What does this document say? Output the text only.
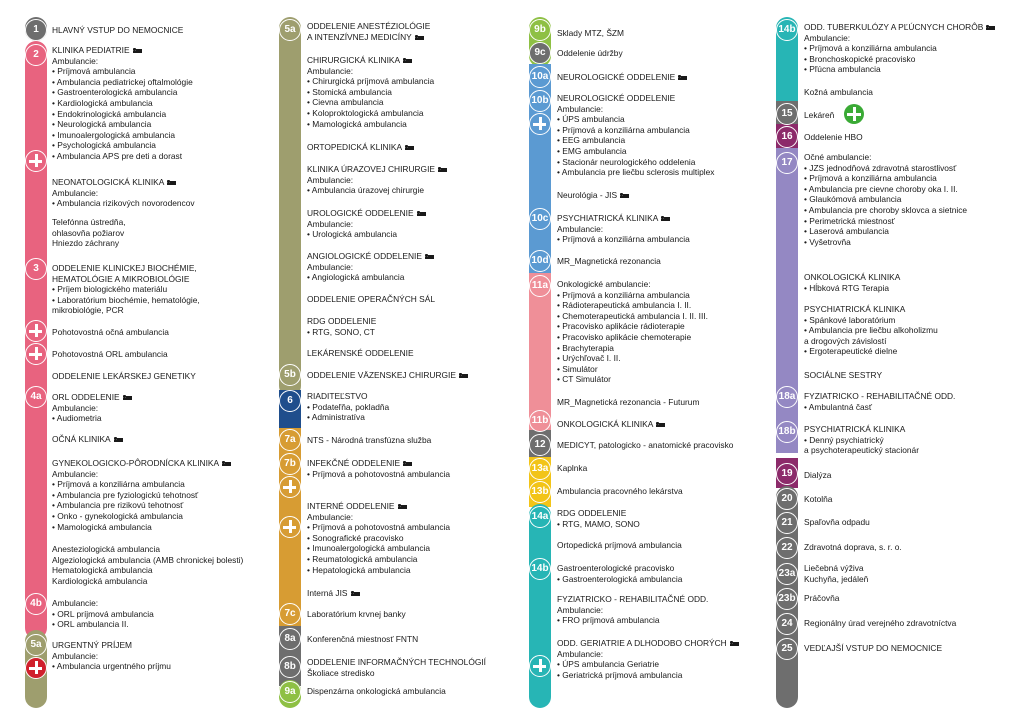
1
2
3
4a
4b
5a
HLAVNÝ VSTUP DO NEMOCNICE
KLINIKA PEDIATRIE
Ambulancie:
• Príjmová ambulancia
• Ambulancia pediatrickej oftalmológie
• Gastroenterologická ambulancia
• Kardiologická ambulancia
• Endokrinologická ambulancia
• Neurologická ambulancia
• Imunoalergologická ambulancia
• Psychologická ambulancia
• Ambulancia APS pre deti a dorast
NEONATOLOGICKÁ KLINIKA
Ambulancie:
• Ambulancia rizikových novorodencov
Telefónna ústredňa,
ohlasovňa požiarov
Hniezdo záchrany
ODDELENIE KLINICKEJ BIOCHÉMIE,
HEMATOLÓGIE A MIKROBIOLÓGIE
• Príjem biologického materiálu
• Laboratórium biochémie, hematológie,
mikrobiológie, PCR
Pohotovostná očná ambulancia
Pohotovostná ORL ambulancia
ODDELENIE LEKÁRSKEJ GENETIKY
ORL ODDELENIE
Ambulancie:
• Audiometria
OČNÁ KLINIKA
GYNEKOLOGICKO-PÔRODNÍCKA KLINIKA
Ambulancie:
• Príjmová a konziliárna ambulancia
• Ambulancia pre fyziologickú tehotnosť
• Ambulancia pre rizikovú tehotnosť
• Onko - gynekologická ambulancia
• Mamologická ambulancia
Anesteziologická ambulancia
Algeziologická ambulancia (AMB chronickej bolesti)
Hematologická ambulancia
Kardiologická ambulancia
Ambulancie:
• ORL príjmová ambulancia
• ORL ambulancia II.
URGENTNÝ PRÍJEM
Ambulancie:
• Ambulancia urgentného príjmu
5a
5b
6
7a
7b
7c
8a
8b
9a
ODDELENIE ANESTÉZIOLÓGIE
A INTENZÍVNEJ MEDICÍNY
CHIRURGICKÁ KLINIKA
Ambulancie:
• Chirurgická príjmová ambulancia
• Stomická ambulancia
• Cievna ambulancia
• Koloproktologická ambulancia
• Mamologická ambulancia
ORTOPEDICKÁ KLINIKA
KLINIKA ÚRAZOVEJ CHIRURGIE
Ambulancie:
• Ambulancia úrazovej chirurgie
UROLOGICKÉ ODDELENIE
Ambulancie:
• Urologická ambulancia
ANGIOLOGICKÉ ODDELENIE
Ambulancie:
• Angiologická ambulancia
ODDELENIE OPERAČNÝCH SÁL
RDG ODDELENIE
• RTG, SONO, CT
LEKÁRENSKÉ ODDELENIE
ODDELENIE VÄZENSKEJ CHIRURGIE
RIADITEĽSTVO
• Podateľňa, pokladňa
• Administratíva
NTS - Národná transfúzna služba
INFEKČNÉ ODDELENIE
• Príjmová a pohotovostná ambulancia
INTERNÉ ODDELENIE
Ambulancie:
• Príjmová a pohotovostná ambulancia
• Sonografické pracovisko
• Imunoalergologická ambulancia
• Reumatologická ambulancia
• Hepatologická ambulancia
Interná JIS
Laboratórium krvnej banky
Konferenčná miestnosť FNTN
ODDELENIE INFORMAČNÝCH TECHNOLÓGIÍ
Školiace stredisko
Dispenzárna onkologická ambulancia
9b
9c
10a
10b
10c
10d
11a
11b
12
13a
13b
14a
14b
Sklady MTZ, ŠZM
Oddelenie údržby
NEUROLOGICKÉ ODDELENIE
NEUROLOGICKÉ ODDELENIE
Ambulancie:
• ÚPS ambulancia
• Príjmová a konziliárna ambulancia
• EEG ambulancia
• EMG ambulancia
• Stacionár neurologického oddelenia
• Ambulancia pre liečbu sclerosis multiplex
Neurológia - JIS
PSYCHIATRICKÁ KLINIKA
Ambulancie:
• Príjmová a konziliárna ambulancia
MR_Magnetická rezonancia
Onkologické ambulancie:
• Príjmová a konziliárna ambulancia
• Rádioterapeutická ambulancia I. II.
• Chemoterapeutická ambulancia I. II. III.
• Pracovisko aplikácie rádioterapie
• Pracovisko aplikácie chemoterapie
• Brachyterapia
• Urýchľovač I. II.
• Simulátor
• CT Simulátor
MR_Magnetická rezonancia - Futurum
ONKOLOGICKÁ KLINIKA
MEDICYT, patologicko - anatomické pracovisko
Kaplnka
Ambulancia pracovného lekárstva
RDG ODDELENIE
• RTG, MAMO, SONO
Ortopedická príjmová ambulancia
Gastroenterologické pracovisko
• Gastroenterologická ambulancia
FYZIATRICKO - REHABILITAČNÉ ODD.
Ambulancie:
• FRO príjmová ambulancia
ODD. GERIATRIE A DLHODOBO CHORÝCH
Ambulancie:
• ÚPS ambulancia Geriatrie
• Geriatrická príjmová ambulancia
14b
15
16
17
18a
18b
19
20
21
22
23a
23b
24
25
ODD. TUBERKULÓZY A PĽÚCNYCH CHORÔB
Ambulancie:
• Príjmová a konziliárna ambulancia
• Bronchoskopické pracovisko
• Pľúcna ambulancia
Kožná ambulancia
Lekáreň
Oddelenie HBO
Očné ambulancie:
• JZS jednodňová zdravotná starostlivosť
• Príjmová a konziliárna ambulancia
• Ambulancia pre cievne choroby oka I. II.
• Glaukómová ambulancia
• Ambulancia pre choroby sklovca a sietnice
• Perimetrická miestnosť
• Laserová ambulancia
• Vyšetrovňa
ONKOLOGICKÁ KLINIKA
• Hĺbková RTG Terapia
PSYCHIATRICKÁ KLINIKA
• Spánkové laboratórium
• Ambulancia pre liečbu alkoholizmu
a drogových závislostí
• Ergoterapeutické dielne
SOCIÁLNE SESTRY
FYZIATRICKO - REHABILITAČNÉ ODD.
• Ambulantná časť
PSYCHIATRICKÁ KLINIKA
• Denný psychiatrický
a psychoterapeutický stacionár
Dialýza
Kotolňa
Spaľovňa odpadu
Zdravotná doprava, s. r. o.
Liečebná výživa
Kuchyňa, jedáleň
Práčovňa
Regionálny úrad verejného zdravotníctva
VEDĽAJŠÍ VSTUP DO NEMOCNICE
